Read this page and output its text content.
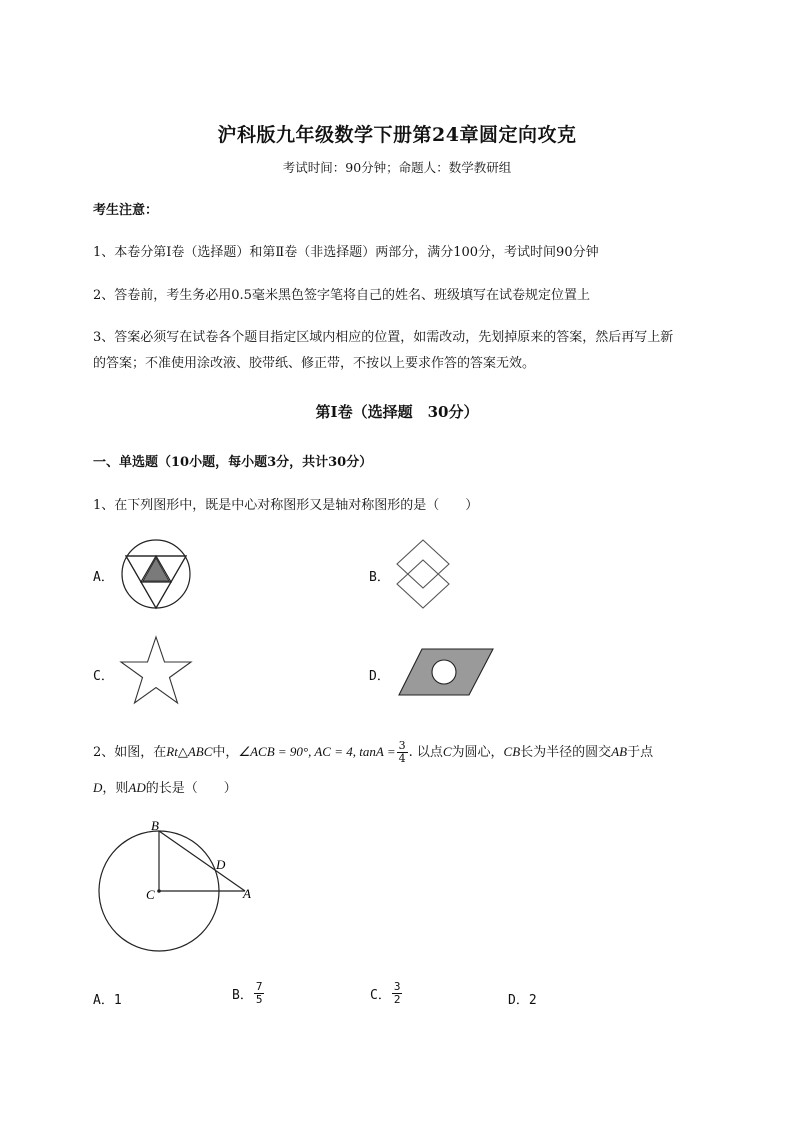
沪科版九年级数学下册第24章圆定向攻克
考试时间：90分钟；命题人：数学教研组
考生注意：
1、本卷分第I卷（选择题）和第Ⅱ卷（非选择题）两部分，满分100分，考试时间90分钟
2、答卷前，考生务必用0.5毫米黑色签字笔将自己的姓名、班级填写在试卷规定位置上
3、答案必须写在试卷各个题目指定区域内相应的位置，如需改动，先划掉原来的答案，然后再写上新
的答案；不准使用涂改液、胶带纸、修正带，不按以上要求作答的答案无效。
第I卷（选择题　30分）
一、单选题（10小题，每小题3分，共计30分）
1、在下列图形中，既是中心对称图形又是轴对称图形的是（　　）
A．	B．
C．	D．
2、如图，在Rt△ABC中，∠ACB = 90°, AC = 4, $\tan A = \frac{3}{4}$ . 以点C为圆心，CB长为半径的圆交AB于点
D，则AD的长是（　　）
B
C
D
A
A．1	B． $\frac{7}{5}$	C． $\frac{3}{2}$	D．2
